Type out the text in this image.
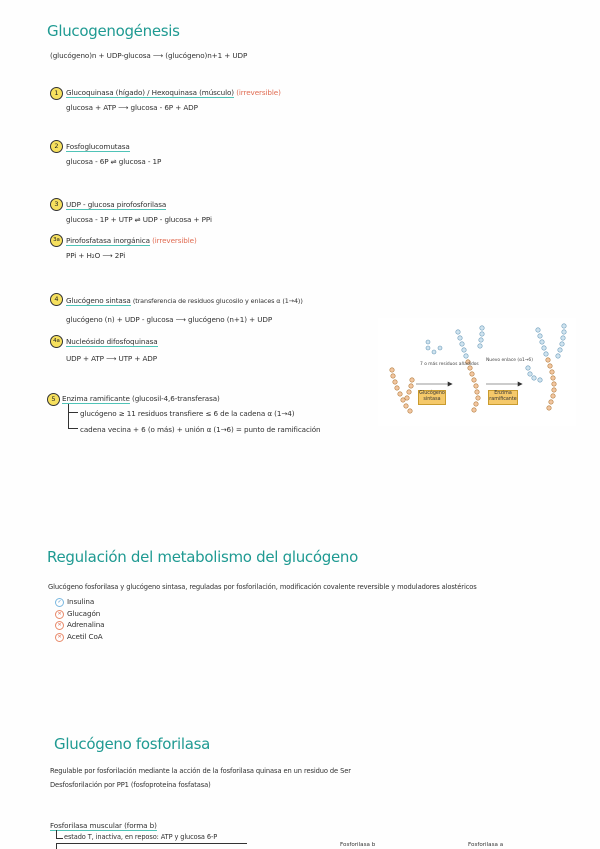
Glucogenogénesis
(glucógeno)n + UDP-glucosa ⟶ (glucógeno)n+1 + UDP
1	Glucoquinasa (hígado) / Hexoquinasa (músculo) (irreversible)
glucosa + ATP ⟶ glucosa - 6P + ADP
2	Fosfoglucomutasa
glucosa - 6P ⇌ glucosa - 1P
3	UDP - glucosa pirofosforilasa
glucosa - 1P + UTP ⇌ UDP - glucosa + PPi
3a Pirofosfatasa inorgánica (irreversible)
PPi + H₂O ⟶ 2Pi
4	Glucógeno sintasa (transferencia de residuos glucosilo y enlaces α (1→4))
glucógeno (n) + UDP - glucosa ⟶ glucógeno (n+1) + UDP
4a Nucleósido difosfoquinasa
UDP + ATP ⟶ UTP + ADP
5 Enzima ramificante (glucosil-4,6-transferasa)
glucógeno ≥ 11 residuos transfiere ≤ 6 de la cadena α (1→4)
cadena vecina + 6 (o más) + unión α (1→6) = punto de ramificación
7 o más residuos añadidos
Nuevo enlace (α1→6)
Glucógeno sintasa
Enzima ramificante
Regulación del metabolismo del glucógeno
Glucógeno fosforilasa y glucógeno sintasa, reguladas por fosforilación, modificación covalente reversible y moduladores alostéricos
✓ Insulina
✕ Glucagón
✕ Adrenalina
✕ Acetil CoA
Glucógeno fosforilasa
Regulable por fosforilación mediante la acción de la fosforilasa quinasa en un residuo de Ser
Desfosforilación por PP1 (fosfoproteína fosfatasa)
Fosforilasa muscular (forma b)
estado T, inactiva, en reposo: ATP y glucosa 6-P
Fosforilasa b	Fosforilasa a
